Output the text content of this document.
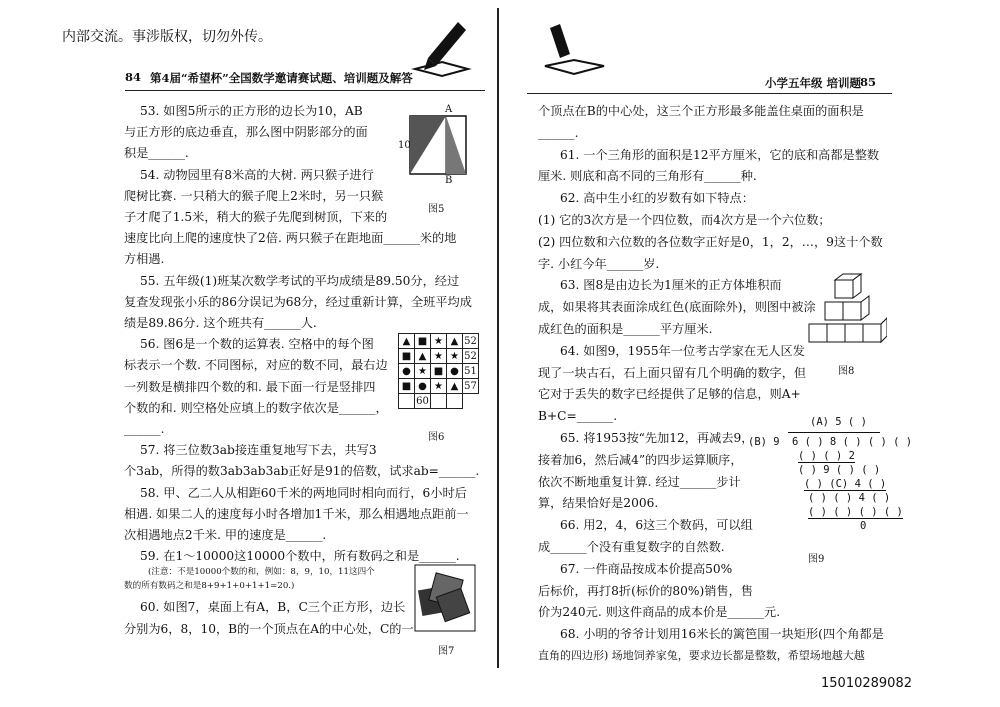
内部交流。事涉版权，切勿外传。
84 第4届“希望杯”全国数学邀请赛试题、培训题及解答	小学五年级 培训题
85
53. 如图5所示的正方形的边长为10，AB
与正方形的底边垂直，那么图中阴影部分的面
积是______.
54. 动物园里有8米高的大树. 两只猴子进行
爬树比赛. 一只稍大的猴子爬上2米时，另一只猴
子才爬了1.5米，稍大的猴子先爬到树顶，下来的
速度比向上爬的速度快了2倍. 两只猴子在距地面______米的地
方相遇.
55. 五年级(1)班某次数学考试的平均成绩是89.50分，经过
复查发现张小乐的86分误记为68分，经过重新计算，全班平均成
绩是89.86分. 这个班共有______人.
56. 图6是一个数的运算表. 空格中的每个图
标表示一个数. 不同图标，对应的数不同，最右边
一列数是横排四个数的和. 最下面一行是竖排四
个数的和. 则空格处应填上的数字依次是______，
______.
57. 将三位数3ab接连重复地写下去，共写3
个3ab，所得的数3ab3ab3ab正好是91的倍数，试求ab=______.
58. 甲、乙二人从相距60千米的两地同时相向而行，6小时后
相遇. 如果二人的速度每小时各增加1千米，那么相遇地点距前一
次相遇地点2千米. 甲的速度是______.
59. 在1～10000这10000个数中，所有数码之和是______.
(注意：不是10000个数的和，例如：8，9，10，11这四个
数的所有数码之和是8+9+1+0+1+1=20.)
60. 如图7，桌面上有A，B，C三个正方形，边长
分别为6，8，10，B的一个顶点在A的中心处，C的一
个顶点在B的中心处，这三个正方形最多能盖住桌面的面积是
______.
61. 一个三角形的面积是12平方厘米，它的底和高都是整数
厘米. 则底和高不同的三角形有______种.
62. 高中生小红的岁数有如下特点：
(1) 它的3次方是一个四位数，而4次方是一个六位数；
(2) 四位数和六位数的各位数字正好是0，1，2，…，9这十个数
字. 小红今年______岁.
63. 图8是由边长为1厘米的正方体堆积而
成，如果将其表面涂成红色(底面除外)，则图中被涂
成红色的面积是______平方厘米.
64. 如图9，1955年一位考古学家在无人区发
现了一块古石，石上面只留有几个明确的数字，但
它对于丢失的数字已经提供了足够的信息，则A+
B+C=______.
65. 将1953按“先加12，再减去9，
接着加6，然后减4”的四步运算顺序，
依次不断地重复计算. 经过______步计
算，结果恰好是2006.
66. 用2，4，6这三个数码，可以组
成______个没有重复数字的自然数.
67. 一件商品按成本价提高50%
后标价，再打8折(标价的80%)销售，售
价为240元. 则这件商品的成本价是______元.
68. 小明的爷爷计划用16米长的篱笆围一块矩形(四个角都是
直角的四边形) 场地饲养家兔，要求边长都是整数，希望场地越大越
A
B
10
图5
▲	■	★	▲	52
■	▲	★	★	52
●	★	■	●	51
■	●	★	▲	57
	60			
图6
图7
图8
(A) 5 ( )
(B) 9 6 ( ) 8 ( ) ( ) ( )
( ) ( ) 2
( ) 9 ( ) ( )
( ) (C) 4 ( )
( ) ( ) 4 ( )
( ) ( ) ( ) ( )
0
图9
15010289082
